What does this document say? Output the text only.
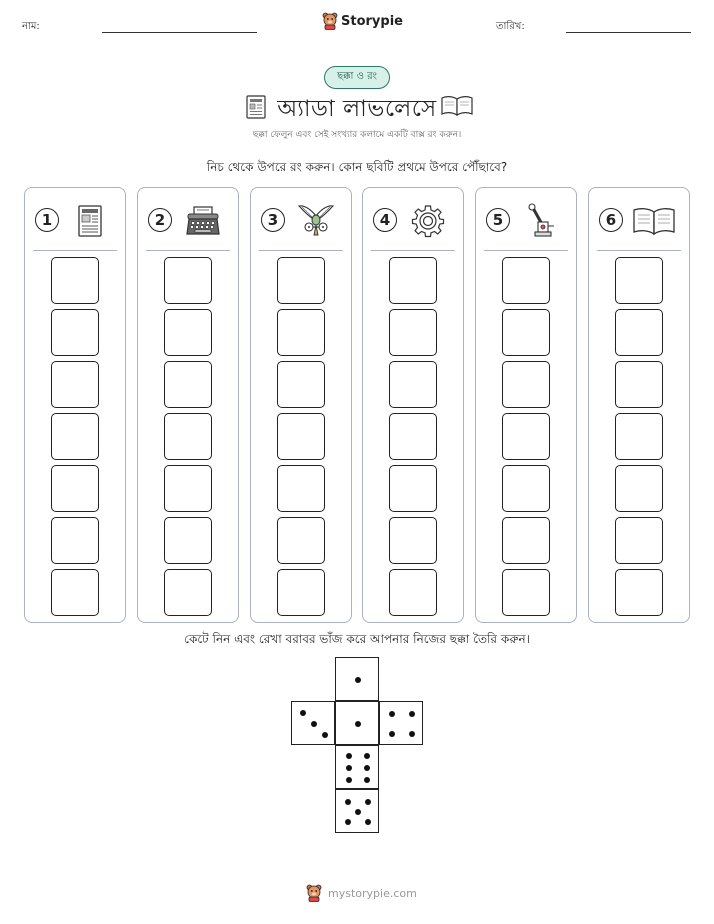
নাম:	Storypie	তারিখ:
ছক্কা ও রং
অ্যাডা লাভলেসে
ছক্কা ফেলুন এবং সেই সংখ্যার কলামে একটি বাক্স রং করুন।
নিচ থেকে উপরে রং করুন। কোন ছবিটি প্রথমে উপরে পৌঁছাবে?
1	2	3	4	5	6
কেটে নিন এবং রেখা বরাবর ভাঁজ করে আপনার নিজের ছক্কা তৈরি করুন।
mystorypie.com
